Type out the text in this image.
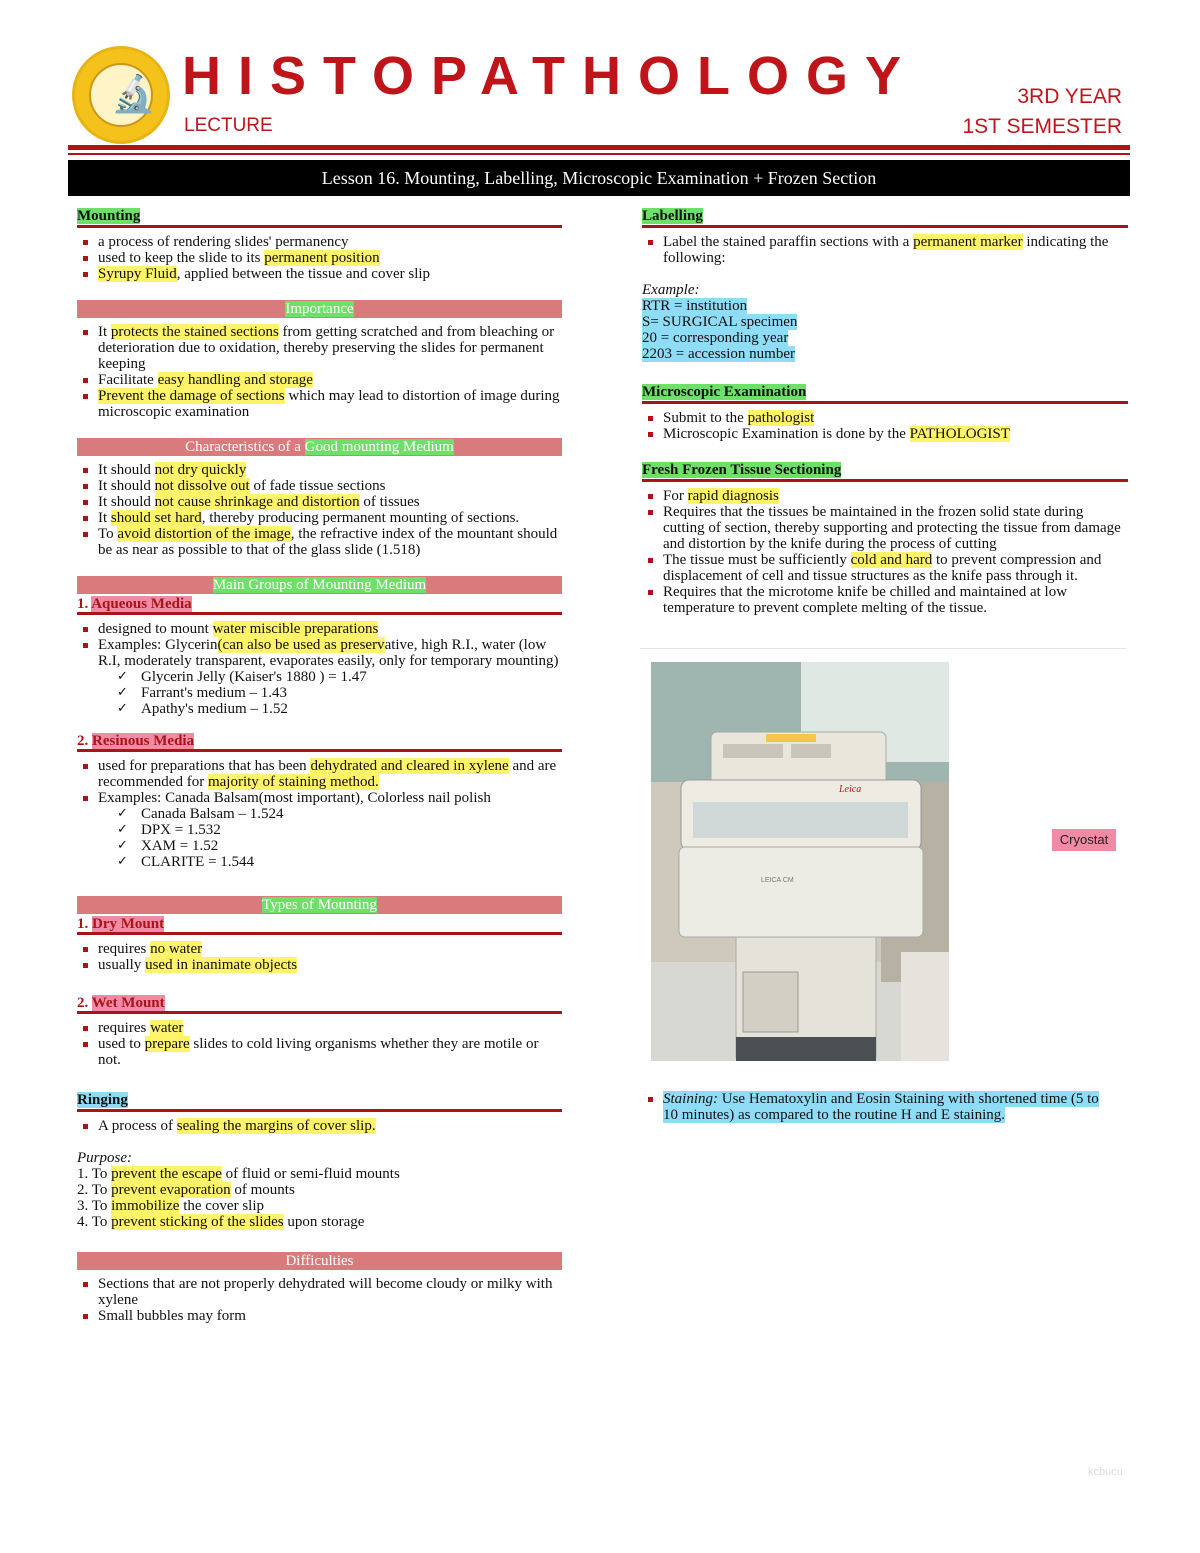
🔬 HISTOPATHOLOGY
LECTURE
3RD YEAR
1ST SEMESTER
Lesson 16. Mounting, Labelling, Microscopic Examination + Frozen Section
Mounting
a process of rendering slides' permanency
used to keep the slide to its permanent position
Syrupy Fluid, applied between the tissue and cover slip
Importance
It protects the stained sections from getting scratched and from bleaching or deterioration due to oxidation, thereby preserving the slides for permanent keeping
Facilitate easy handling and storage
Prevent the damage of sections which may lead to distortion of image during microscopic examination
Characteristics of a Good mounting Medium
It should not dry quickly
It should not dissolve out of fade tissue sections
It should not cause shrinkage and distortion of tissues
It should set hard, thereby producing permanent mounting of sections.
To avoid distortion of the image, the refractive index of the mountant should be as near as possible to that of the glass slide (1.518)
Main Groups of Mounting Medium
1. Aqueous Media
designed to mount water miscible preparations
Examples: Glycerin(can also be used as preservative, high R.I., water (low R.I, moderately transparent, evaporates easily, only for temporary mounting)
✓ Glycerin Jelly (Kaiser's 1880 ) = 1.47
✓ Farrant's medium – 1.43
✓ Apathy's medium – 1.52
2. Resinous Media
used for preparations that has been dehydrated and cleared in xylene and are recommended for majority of staining method.
Examples: Canada Balsam(most important), Colorless nail polish
✓ Canada Balsam – 1.524
✓ DPX = 1.532
✓ XAM = 1.52
✓ CLARITE = 1.544
Types of Mounting
1. Dry Mount
requires no water
usually used in inanimate objects
2. Wet Mount
requires water
used to prepare slides to cold living organisms whether they are motile or not.
Ringing
A process of sealing the margins of cover slip.
Purpose:
1. To prevent the escape of fluid or semi-fluid mounts
2. To prevent evaporation of mounts
3. To immobilize the cover slip
4. To prevent sticking of the slides upon storage
Difficulties
Sections that are not properly dehydrated will become cloudy or milky with xylene
Small bubbles may form
Labelling
Label the stained paraffin sections with a permanent marker indicating the following:
Example:
RTR = institution
S= SURGICAL specimen
20 = corresponding year
2203 = accession number
Microscopic Examination
Submit to the pathologist
Microscopic Examination is done by the PATHOLOGIST
Fresh Frozen Tissue Sectioning
For rapid diagnosis
Requires that the tissues be maintained in the frozen solid state during cutting of section, thereby supporting and protecting the tissue from damage and distortion by the knife during the process of cutting
The tissue must be sufficiently cold and hard to prevent compression and displacement of cell and tissue structures as the knife pass through it.
Requires that the microtome knife be chilled and maintained at low temperature to prevent complete melting of the tissue.
Leica
LEICA CM
Cryostat
Staining: Use Hematoxylin and Eosin Staining with shortened time (5 to 10 minutes) as compared to the routine H and E staining.
kcbucu
